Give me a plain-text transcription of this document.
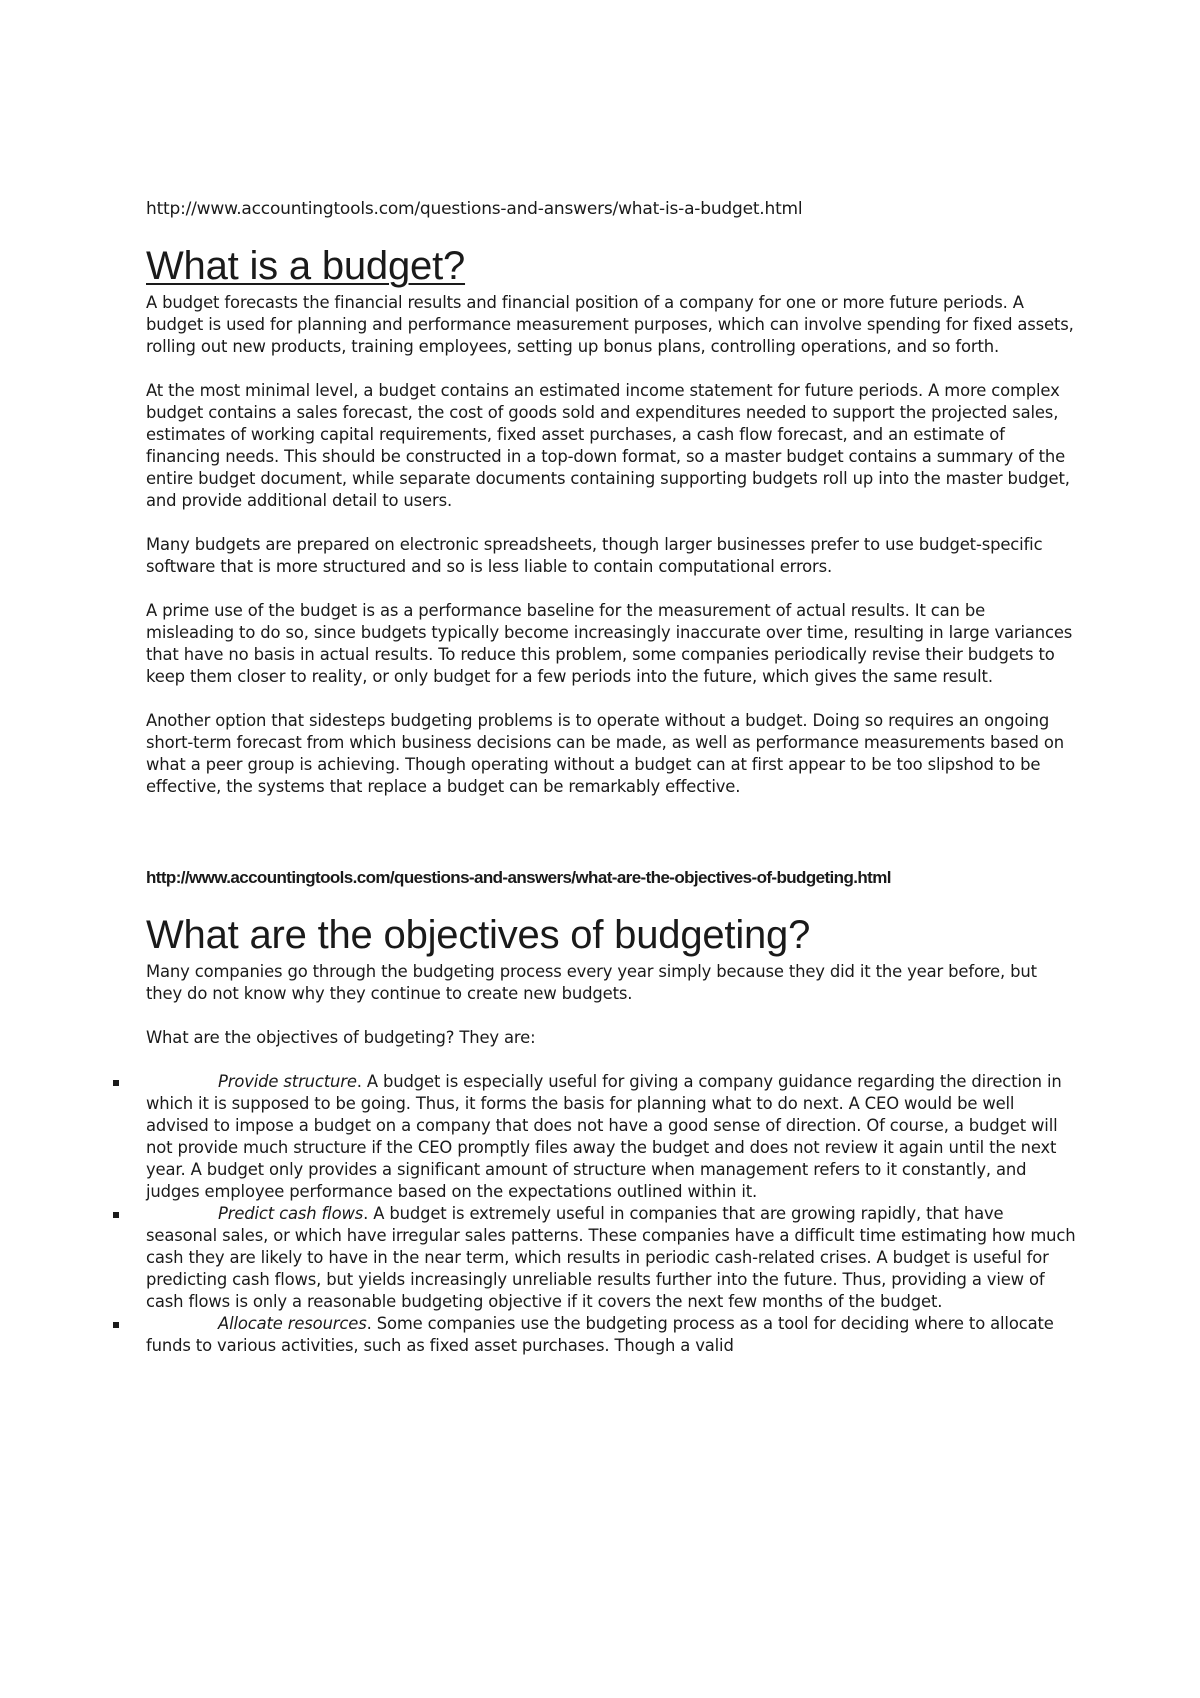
http://www.accountingtools.com/questions-and-answers/what-is-a-budget.html

What is a budget?

A budget forecasts the financial results and financial position of a company for one or more future periods. A budget is used for planning and performance measurement purposes, which can involve spending for fixed assets, rolling out new products, training employees, setting up bonus plans, controlling operations, and so forth.

At the most minimal level, a budget contains an estimated income statement for future periods. A more complex budget contains a sales forecast, the cost of goods sold and expenditures needed to support the projected sales, estimates of working capital requirements, fixed asset purchases, a cash flow forecast, and an estimate of financing needs. This should be constructed in a top-down format, so a master budget contains a summary of the entire budget document, while separate documents containing supporting budgets roll up into the master budget, and provide additional detail to users.

Many budgets are prepared on electronic spreadsheets, though larger businesses prefer to use budget-specific software that is more structured and so is less liable to contain computational errors.

A prime use of the budget is as a performance baseline for the measurement of actual results. It can be misleading to do so, since budgets typically become increasingly inaccurate over time, resulting in large variances that have no basis in actual results. To reduce this problem, some companies periodically revise their budgets to keep them closer to reality, or only budget for a few periods into the future, which gives the same result.

Another option that sidesteps budgeting problems is to operate without a budget. Doing so requires an ongoing short-term forecast from which business decisions can be made, as well as performance measurements based on what a peer group is achieving. Though operating without a budget can at first appear to be too slipshod to be effective, the systems that replace a budget can be remarkably effective.

http://www.accountingtools.com/questions-and-answers/what-are-the-objectives-of-budgeting.html

What are the objectives of budgeting?

Many companies go through the budgeting process every year simply because they did it the year before, but they do not know why they continue to create new budgets.

What are the objectives of budgeting? They are:

Provide structure. A budget is especially useful for giving a company guidance regarding the direction in which it is supposed to be going. Thus, it forms the basis for planning what to do next. A CEO would be well advised to impose a budget on a company that does not have a good sense of direction. Of course, a budget will not provide much structure if the CEO promptly files away the budget and does not review it again until the next year. A budget only provides a significant amount of structure when management refers to it constantly, and judges employee performance based on the expectations outlined within it.
Predict cash flows. A budget is extremely useful in companies that are growing rapidly, that have seasonal sales, or which have irregular sales patterns. These companies have a difficult time estimating how much cash they are likely to have in the near term, which results in periodic cash-related crises. A budget is useful for predicting cash flows, but yields increasingly unreliable results further into the future. Thus, providing a view of cash flows is only a reasonable budgeting objective if it covers the next few months of the budget.
Allocate resources. Some companies use the budgeting process as a tool for deciding where to allocate funds to various activities, such as fixed asset purchases. Though a valid
